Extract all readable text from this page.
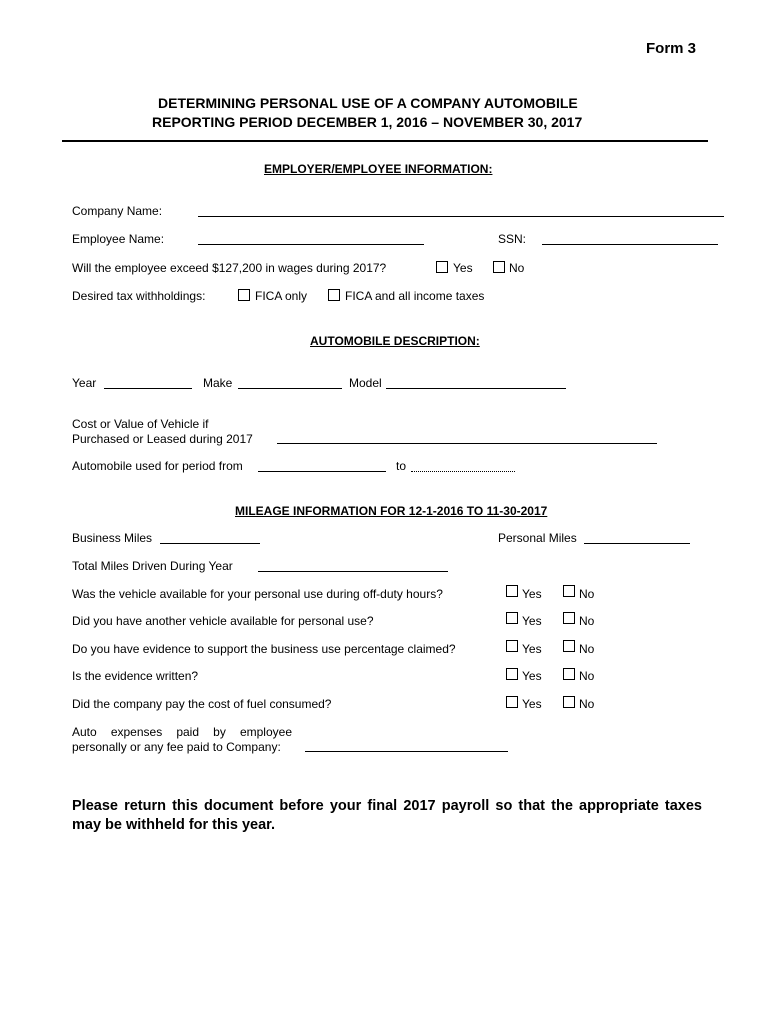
Form 3
DETERMINING PERSONAL USE OF A COMPANY AUTOMOBILE
REPORTING PERIOD DECEMBER 1, 2016 – NOVEMBER 30, 2017
EMPLOYER/EMPLOYEE INFORMATION:
Company Name:
Employee Name:	SSN:
Will the employee exceed $127,200 in wages during 2017?	Yes	No
Desired tax withholdings:	FICA only	FICA and all income taxes
AUTOMOBILE DESCRIPTION:
Year	Make	Model
Cost or Value of Vehicle if
Purchased or Leased during 2017
Automobile used for period from	to
MILEAGE INFORMATION FOR 12-1-2016 TO 11-30-2017
Business Miles	Personal Miles
Total Miles Driven During Year
Was the vehicle available for your personal use during off-duty hours?	Yes	No
Did you have another vehicle available for personal use?	Yes	No
Do you have evidence to support the business use percentage claimed?	Yes	No
Is the evidence written?	Yes	No
Did the company pay the cost of fuel consumed?	Yes	No
Auto expenses paid by employee
personally or any fee paid to Company:
Please return this document before your final 2017 payroll so that the appropriate taxes may be withheld for this year.
